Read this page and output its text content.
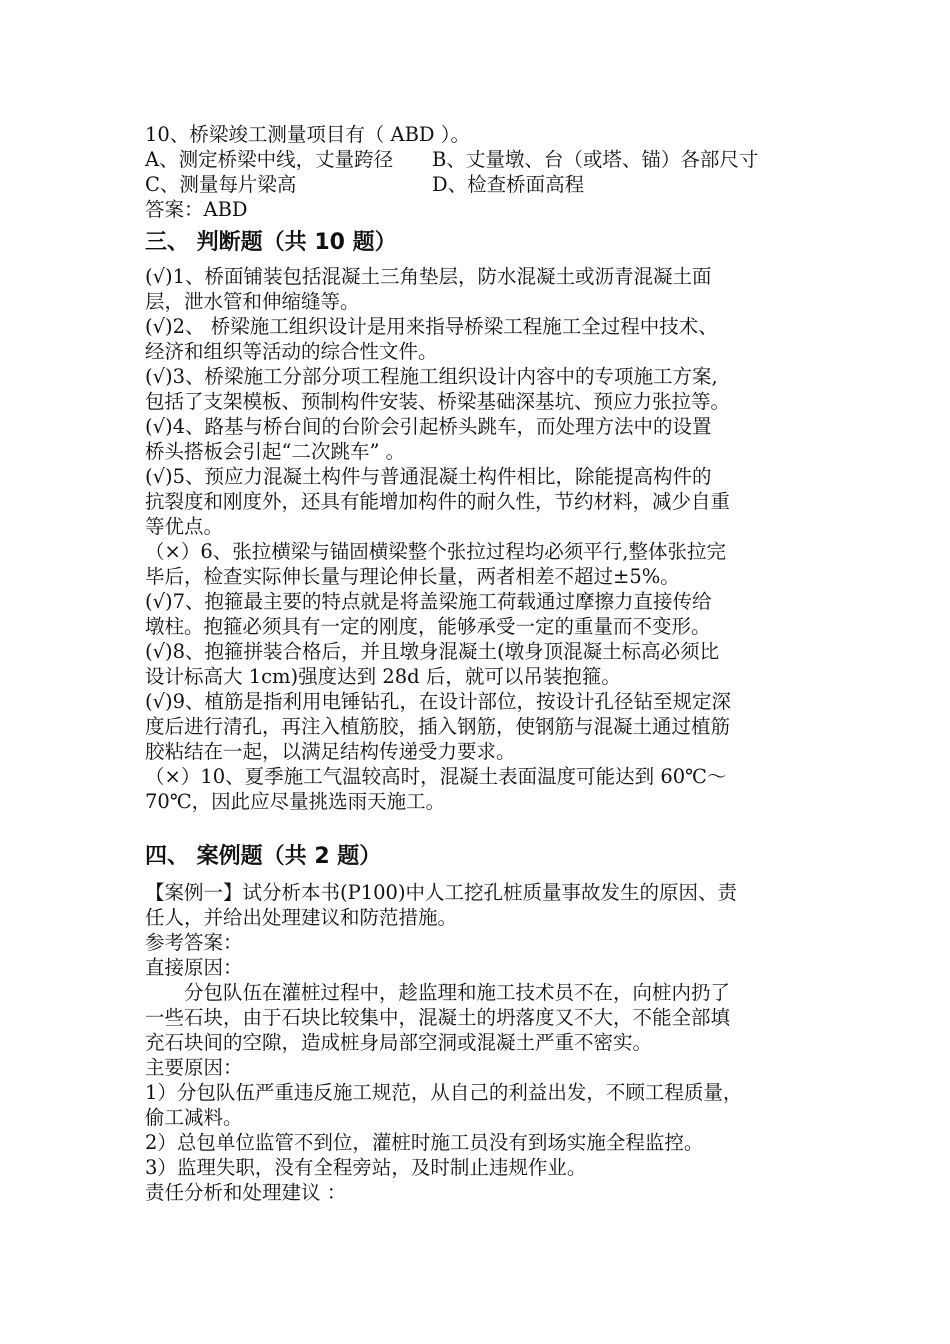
10、桥梁竣工测量项目有（ ABD ）。
A、测定桥梁中线，丈量跨径	B、丈量墩、台（或塔、锚）各部尺寸
C、测量每片梁高	D、检查桥面高程
答案：ABD
三、 判断题（共 10 题）
(√)1、桥面铺装包括混凝土三角垫层，防水混凝土或沥青混凝土面
层，泄水管和伸缩缝等。
(√)2、 桥梁施工组织设计是用来指导桥梁工程施工全过程中技术、
经济和组织等活动的综合性文件。
(√)3、桥梁施工分部分项工程施工组织设计内容中的专项施工方案,
包括了支架模板、预制构件安装、桥梁基础深基坑、预应力张拉等。
(√)4、路基与桥台间的台阶会引起桥头跳车，而处理方法中的设置
桥头搭板会引起“二次跳车” 。
(√)5、预应力混凝土构件与普通混凝土构件相比，除能提高构件的
抗裂度和刚度外，还具有能增加构件的耐久性，节约材料，减少自重
等优点。
（×）6、张拉横梁与锚固横梁整个张拉过程均必须平行,整体张拉完
毕后，检查实际伸长量与理论伸长量，两者相差不超过±5%。
(√)7、抱箍最主要的特点就是将盖梁施工荷载通过摩擦力直接传给
墩柱。抱箍必须具有一定的刚度，能够承受一定的重量而不变形。
(√)8、抱箍拼装合格后，并且墩身混凝土(墩身顶混凝土标高必须比
设计标高大 1cm)强度达到 28d 后，就可以吊装抱箍。
(√)9、植筋是指利用电锤钻孔，在设计部位，按设计孔径钻至规定深
度后进行清孔，再注入植筋胶，插入钢筋，使钢筋与混凝土通过植筋
胶粘结在一起，以满足结构传递受力要求。
（×）10、夏季施工气温较高时，混凝土表面温度可能达到 60℃～
70℃，因此应尽量挑选雨天施工。
四、 案例题（共 2 题）
【案例一】试分析本书(P100)中人工挖孔桩质量事故发生的原因、责
任人，并给出处理建议和防范措施。
参考答案：
直接原因：
分包队伍在灌桩过程中，趁监理和施工技术员不在，向桩内扔了
一些石块，由于石块比较集中，混凝土的坍落度又不大，不能全部填
充石块间的空隙，造成桩身局部空洞或混凝土严重不密实。
主要原因：
1）分包队伍严重违反施工规范，从自己的利益出发，不顾工程质量，
偷工减料。
2）总包单位监管不到位，灌桩时施工员没有到场实施全程监控。
3）监理失职，没有全程旁站，及时制止违规作业。
责任分析和处理建议 ：
